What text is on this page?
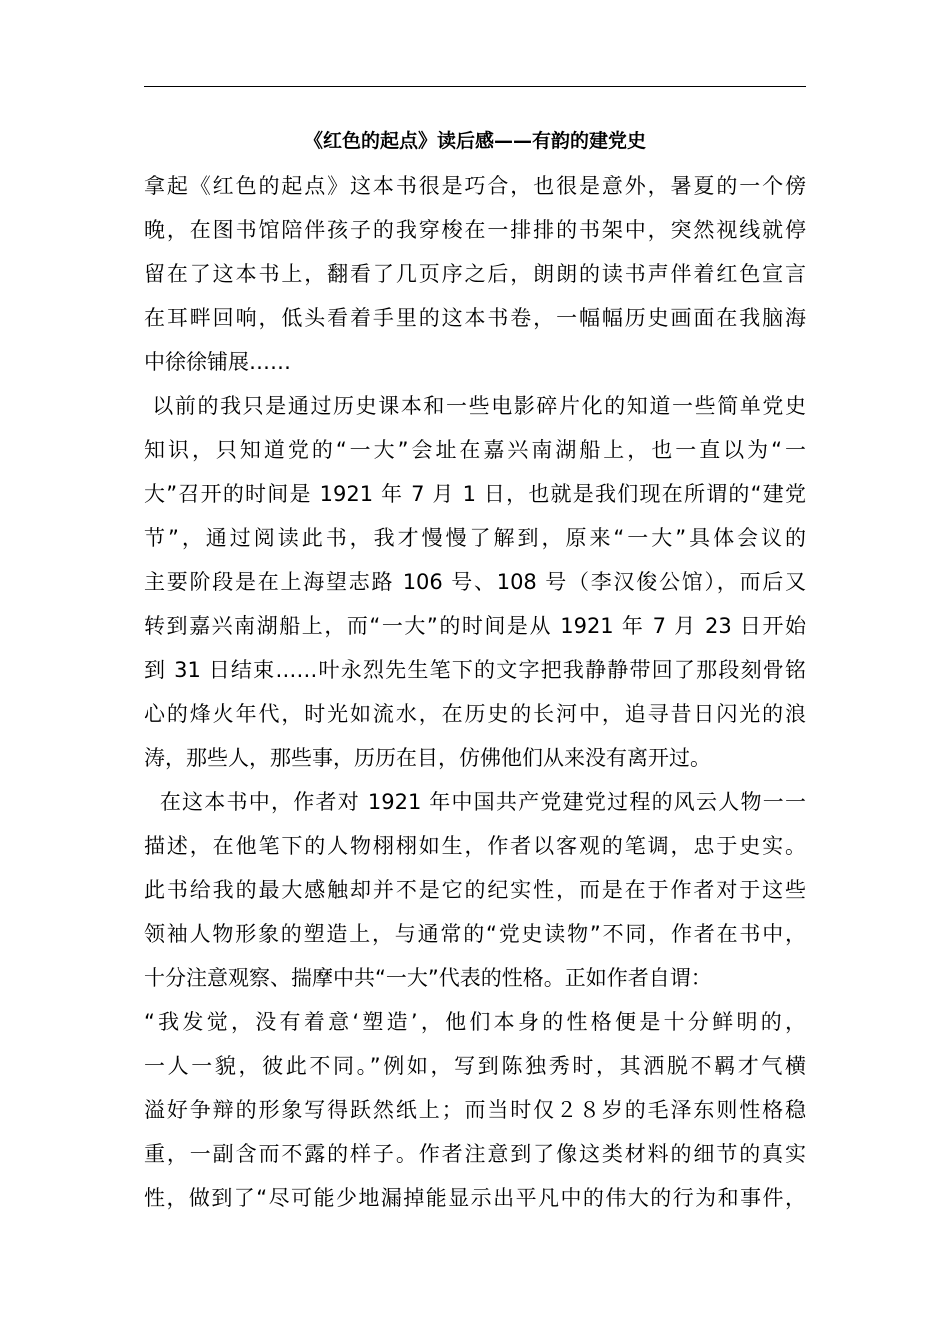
《红色的起点》读后感——有韵的建党史
拿起《红色的起点》这本书很是巧合，也很是意外，暑夏的一个傍
晚，在图书馆陪伴孩子的我穿梭在一排排的书架中，突然视线就停
留在了这本书上，翻看了几页序之后，朗朗的读书声伴着红色宣言
在耳畔回响，低头看着手里的这本书卷，一幅幅历史画面在我脑海
中徐徐铺展……
以前的我只是通过历史课本和一些电影碎片化的知道一些简单党史
知识，只知道党的“一大”会址在嘉兴南湖船上，也一直以为“一
大”召开的时间是 1921 年 7 月 1 日，也就是我们现在所谓的“建党
节”，通过阅读此书，我才慢慢了解到，原来“一大”具体会议的
主要阶段是在上海望志路 106 号、108 号（李汉俊公馆），而后又
转到嘉兴南湖船上，而“一大”的时间是从 1921 年 7 月 23 日开始
到 31 日结束……叶永烈先生笔下的文字把我静静带回了那段刻骨铭
心的烽火年代，时光如流水，在历史的长河中，追寻昔日闪光的浪
涛，那些人，那些事，历历在目，仿佛他们从来没有离开过。
在这本书中，作者对 1921 年中国共产党建党过程的风云人物一一
描述，在他笔下的人物栩栩如生，作者以客观的笔调，忠于史实。
此书给我的最大感触却并不是它的纪实性，而是在于作者对于这些
领袖人物形象的塑造上，与通常的“党史读物”不同，作者在书中，
十分注意观察、揣摩中共“一大”代表的性格。正如作者自谓：
“我发觉，没有着意‘塑造’，他们本身的性格便是十分鲜明的，
一人一貌，彼此不同。”例如，写到陈独秀时，其洒脱不羁才气横
溢好争辩的形象写得跃然纸上；而当时仅２８岁的毛泽东则性格稳
重，一副含而不露的样子。作者注意到了像这类材料的细节的真实
性，做到了“尽可能少地漏掉能显示出平凡中的伟大的行为和事件，
